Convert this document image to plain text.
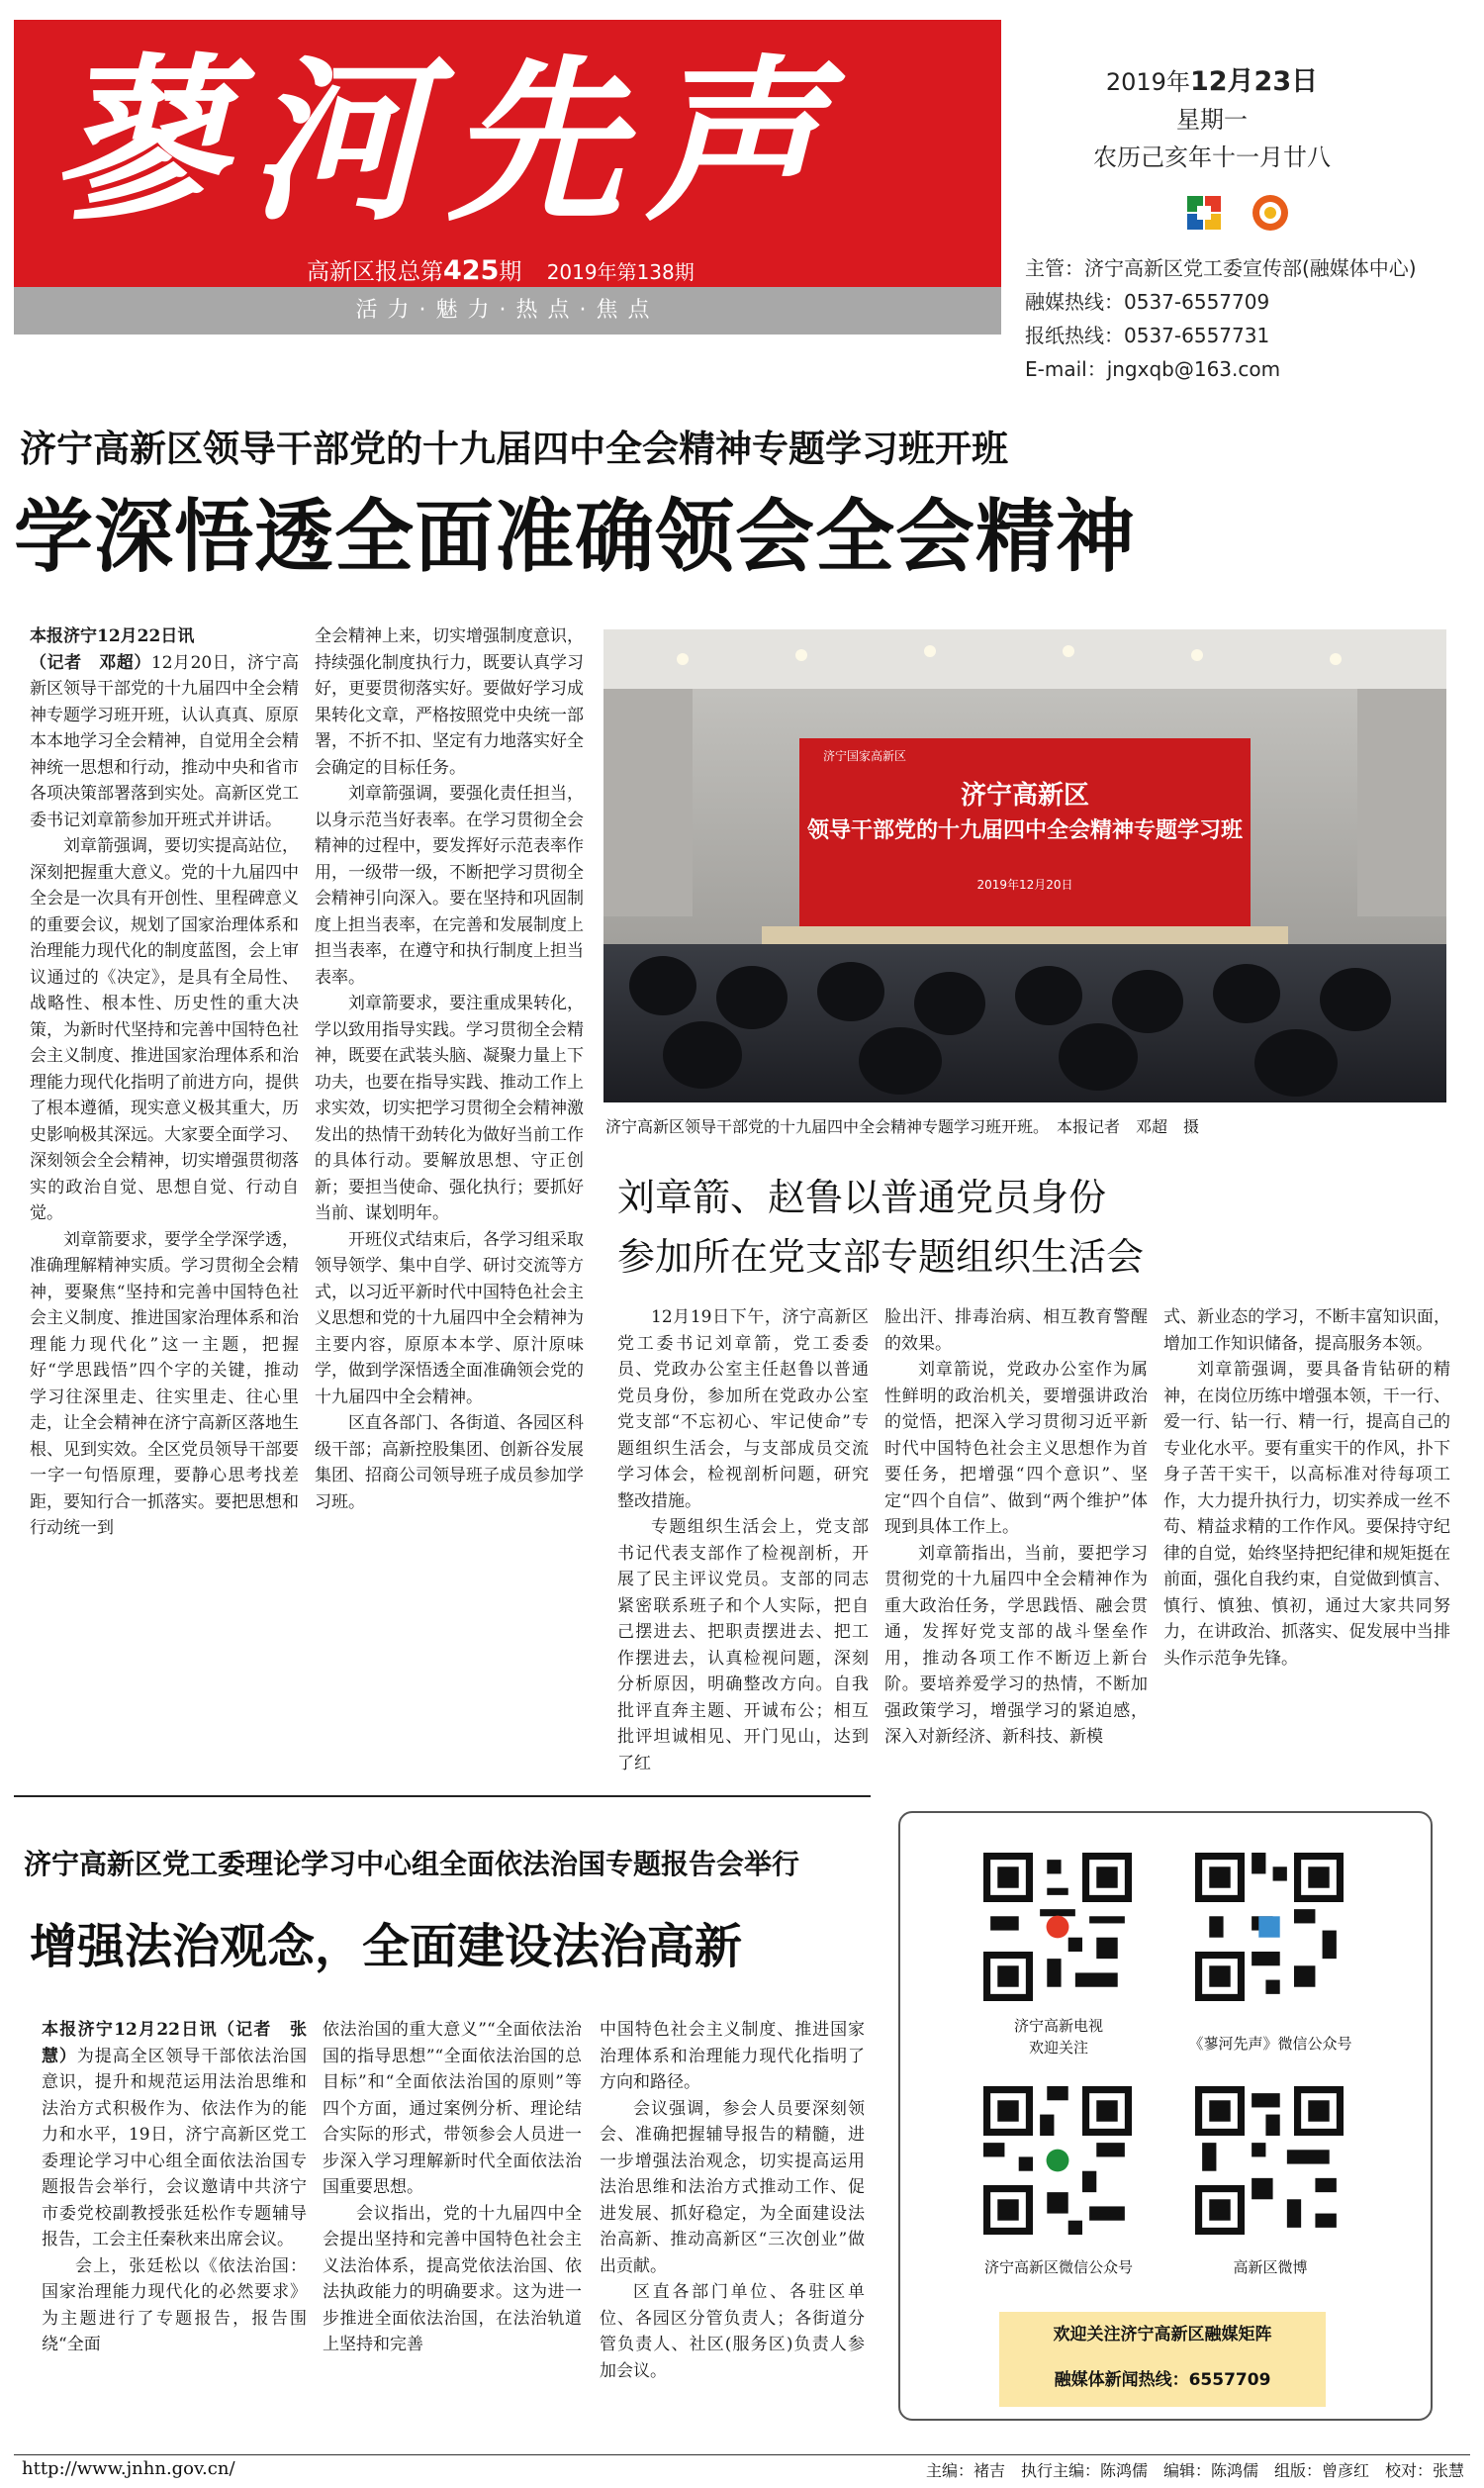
蓼河先声
高新区报总第425期 2019年第138期
活力·魅力·热点·焦点
2019年12月23日
星期一
农历己亥年十一月廿八
主管：济宁高新区党工委宣传部(融媒体中心)
融媒热线：0537-6557709
报纸热线：0537-6557731
E-mail：jngxqb@163.com
济宁高新区领导干部党的十九届四中全会精神专题学习班开班
学深悟透全面准确领会全会精神

本报济宁12月22日讯

（记者　邓超）12月20日，济宁高新区领导干部党的十九届四中全会精神专题学习班开班，认认真真、原原本本地学习全会精神，自觉用全会精神统一思想和行动，推动中央和省市各项决策部署落到实处。高新区党工委书记刘章箭参加开班式并讲话。

刘章箭强调，要切实提高站位，深刻把握重大意义。党的十九届四中全会是一次具有开创性、里程碑意义的重要会议，规划了国家治理体系和治理能力现代化的制度蓝图，会上审议通过的《决定》，是具有全局性、战略性、根本性、历史性的重大决策，为新时代坚持和完善中国特色社会主义制度、推进国家治理体系和治理能力现代化指明了前进方向，提供了根本遵循，现实意义极其重大，历史影响极其深远。大家要全面学习、深刻领会全会精神，切实增强贯彻落实的政治自觉、思想自觉、行动自觉。

刘章箭要求，要学全学深学透，准确理解精神实质。学习贯彻全会精神，要聚焦“坚持和完善中国特色社会主义制度、推进国家治理体系和治理能力现代化”这一主题，把握好“学思践悟”四个字的关键，推动学习往深里走、往实里走、往心里走，让全会精神在济宁高新区落地生根、见到实效。全区党员领导干部要一字一句悟原理，要静心思考找差距，要知行合一抓落实。要把思想和行动统一到

全会精神上来，切实增强制度意识，持续强化制度执行力，既要认真学习好，更要贯彻落实好。要做好学习成果转化文章，严格按照党中央统一部署，不折不扣、坚定有力地落实好全会确定的目标任务。

刘章箭强调，要强化责任担当，以身示范当好表率。在学习贯彻全会精神的过程中，要发挥好示范表率作用，一级带一级，不断把学习贯彻全会精神引向深入。要在坚持和巩固制度上担当表率，在完善和发展制度上担当表率，在遵守和执行制度上担当表率。

刘章箭要求，要注重成果转化，学以致用指导实践。学习贯彻全会精神，既要在武装头脑、凝聚力量上下功夫，也要在指导实践、推动工作上求实效，切实把学习贯彻全会精神激发出的热情干劲转化为做好当前工作的具体行动。要解放思想、守正创新；要担当使命、强化执行；要抓好当前、谋划明年。

开班仪式结束后，各学习组采取领导领学、集中自学、研讨交流等方式，以习近平新时代中国特色社会主义思想和党的十九届四中全会精神为主要内容，原原本本学、原汁原味学，做到学深悟透全面准确领会党的十九届四中全会精神。

区直各部门、各街道、各园区科级干部；高新控股集团、创新谷发展集团、招商公司领导班子成员参加学习班。

济宁国家高新区
济宁高新区
领导干部党的十九届四中全会精神专题学习班
2019年12月20日
济宁高新区领导干部党的十九届四中全会精神专题学习班开班。　本报记者　邓超　摄
刘章箭、赵鲁以普通党员身份
参加所在党支部专题组织生活会

12月19日下午，济宁高新区党工委书记刘章箭，党工委委员、党政办公室主任赵鲁以普通党员身份，参加所在党政办公室党支部“不忘初心、牢记使命”专题组织生活会，与支部成员交流学习体会，检视剖析问题，研究整改措施。

专题组织生活会上，党支部书记代表支部作了检视剖析，开展了民主评议党员。支部的同志紧密联系班子和个人实际，把自己摆进去、把职责摆进去、把工作摆进去，认真检视问题，深刻分析原因，明确整改方向。自我批评直奔主题、开诚布公；相互批评坦诚相见、开门见山，达到了红

脸出汗、排毒治病、相互教育警醒的效果。

刘章箭说，党政办公室作为属性鲜明的政治机关，要增强讲政治的觉悟，把深入学习贯彻习近平新时代中国特色社会主义思想作为首要任务，把增强“四个意识”、坚定“四个自信”、做到“两个维护”体现到具体工作上。

刘章箭指出，当前，要把学习贯彻党的十九届四中全会精神作为重大政治任务，学思践悟、融会贯通，发挥好党支部的战斗堡垒作用，推动各项工作不断迈上新台阶。要培养爱学习的热情，不断加强政策学习，增强学习的紧迫感，深入对新经济、新科技、新模

式、新业态的学习，不断丰富知识面，增加工作知识储备，提高服务本领。

刘章箭强调，要具备肯钻研的精神，在岗位历练中增强本领，干一行、爱一行、钻一行、精一行，提高自己的专业化水平。要有重实干的作风，扑下身子苦干实干，以高标准对待每项工作，大力提升执行力，切实养成一丝不苟、精益求精的工作作风。要保持守纪律的自觉，始终坚持把纪律和规矩挺在前面，强化自我约束，自觉做到慎言、慎行、慎独、慎初，通过大家共同努力，在讲政治、抓落实、促发展中当排头作示范争先锋。

济宁高新区党工委理论学习中心组全面依法治国专题报告会举行
增强法治观念，全面建设法治高新

本报济宁12月22日讯（记者　张慧）为提高全区领导干部依法治国意识，提升和规范运用法治思维和法治方式积极作为、依法作为的能力和水平，19日，济宁高新区党工委理论学习中心组全面依法治国专题报告会举行，会议邀请中共济宁市委党校副教授张廷松作专题辅导报告，工会主任秦秋来出席会议。

会上，张廷松以《依法治国：国家治理能力现代化的必然要求》为主题进行了专题报告，报告围绕“全面

依法治国的重大意义”“全面依法治国的指导思想”“全面依法治国的总目标”和“全面依法治国的原则”等四个方面，通过案例分析、理论结合实际的形式，带领参会人员进一步深入学习理解新时代全面依法治国重要思想。

会议指出，党的十九届四中全会提出坚持和完善中国特色社会主义法治体系，提高党依法治国、依法执政能力的明确要求。这为进一步推进全面依法治国，在法治轨道上坚持和完善

中国特色社会主义制度、推进国家治理体系和治理能力现代化指明了方向和路径。

会议强调，参会人员要深刻领会、准确把握辅导报告的精髓，进一步增强法治观念，切实提高运用法治思维和法治方式推动工作、促进发展、抓好稳定，为全面建设法治高新、推动高新区“三次创业”做出贡献。

区直各部门单位、各驻区单位、各园区分管负责人；各街道分管负责人、社区(服务区)负责人参加会议。

济宁高新电视
欢迎关注	《蓼河先声》微信公众号
济宁高新区微信公众号	高新区微博
欢迎关注济宁高新区融媒矩阵
融媒体新闻热线：6557709
http://www.jnhn.gov.cn/	主编：褚吉　执行主编：陈鸿儒　编辑：陈鸿儒　组版：曾彦红　校对：张慧
